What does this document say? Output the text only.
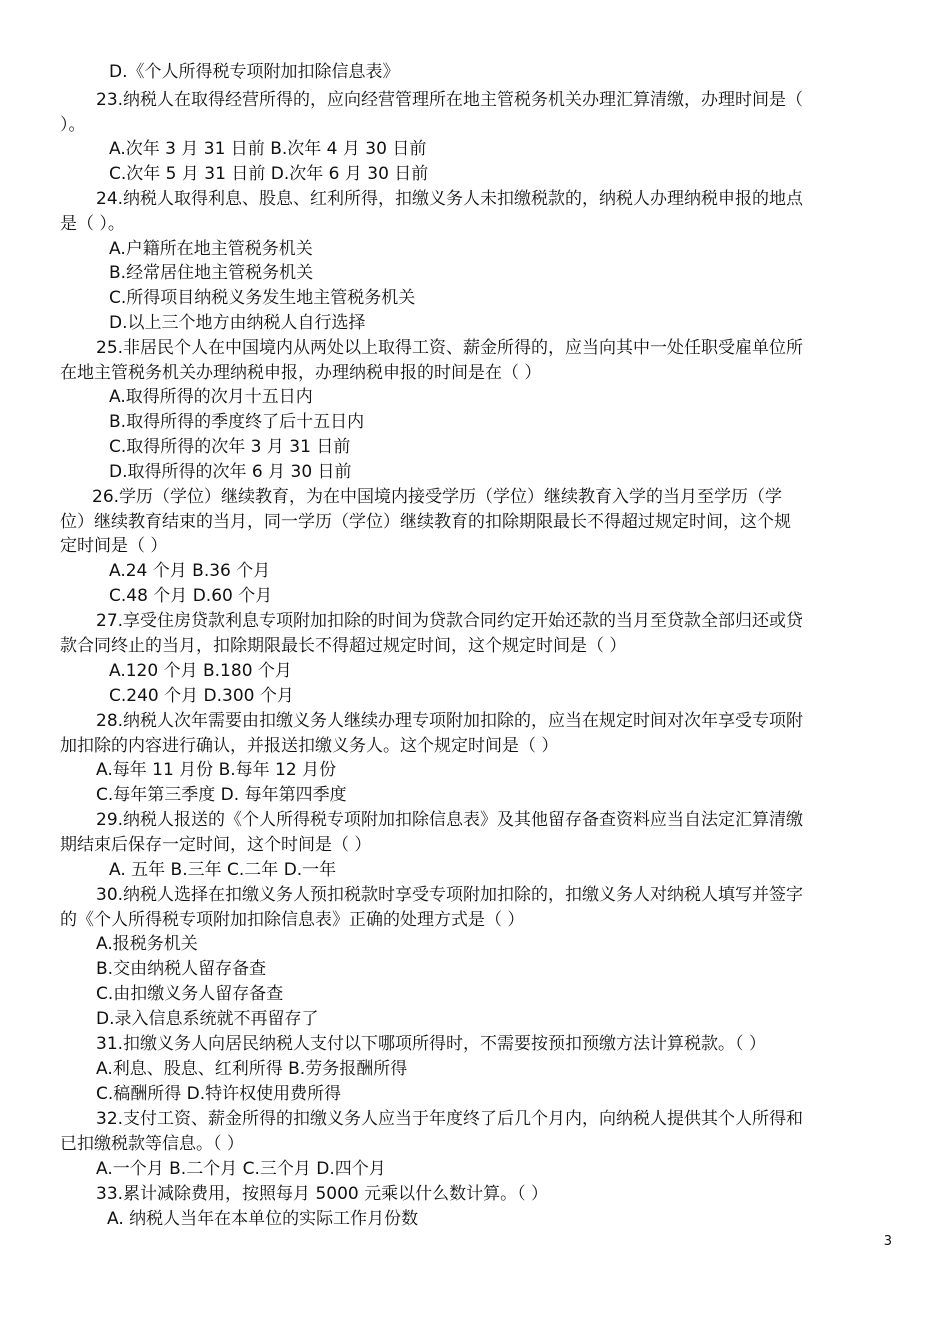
D.《个人所得税专项附加扣除信息表》
23.纳税人在取得经营所得的，应向经营管理所在地主管税务机关办理汇算清缴，办理时间是（
）。
A.次年 3 月 31 日前 B.次年 4 月 30 日前
C.次年 5 月 31 日前 D.次年 6 月 30 日前
24.纳税人取得利息、股息、红利所得，扣缴义务人未扣缴税款的，纳税人办理纳税申报的地点
是（ ）。
A.户籍所在地主管税务机关
B.经常居住地主管税务机关
C.所得项目纳税义务发生地主管税务机关
D.以上三个地方由纳税人自行选择
25.非居民个人在中国境内从两处以上取得工资、薪金所得的，应当向其中一处任职受雇单位所
在地主管税务机关办理纳税申报，办理纳税申报的时间是在（ ）
A.取得所得的次月十五日内
B.取得所得的季度终了后十五日内
C.取得所得的次年 3 月 31 日前
D.取得所得的次年 6 月 30 日前
26.学历（学位）继续教育，为在中国境内接受学历（学位）继续教育入学的当月至学历（学
位）继续教育结束的当月，同一学历（学位）继续教育的扣除期限最长不得超过规定时间，这个规
定时间是（ ）
A.24 个月 B.36 个月
C.48 个月 D.60 个月
27.享受住房贷款利息专项附加扣除的时间为贷款合同约定开始还款的当月至贷款全部归还或贷
款合同终止的当月，扣除期限最长不得超过规定时间，这个规定时间是（ ）
A.120 个月 B.180 个月
C.240 个月 D.300 个月
28.纳税人次年需要由扣缴义务人继续办理专项附加扣除的，应当在规定时间对次年享受专项附
加扣除的内容进行确认，并报送扣缴义务人。这个规定时间是（ ）
A.每年 11 月份 B.每年 12 月份
C.每年第三季度 D. 每年第四季度
29.纳税人报送的《个人所得税专项附加扣除信息表》及其他留存备查资料应当自法定汇算清缴
期结束后保存一定时间，这个时间是（ ）
A. 五年 B.三年 C.二年 D.一年
30.纳税人选择在扣缴义务人预扣税款时享受专项附加扣除的，扣缴义务人对纳税人填写并签字
的《个人所得税专项附加扣除信息表》正确的处理方式是（ ）
A.报税务机关
B.交由纳税人留存备查
C.由扣缴义务人留存备查
D.录入信息系统就不再留存了
31.扣缴义务人向居民纳税人支付以下哪项所得时，不需要按预扣预缴方法计算税款。（ ）
A.利息、股息、红利所得 B.劳务报酬所得
C.稿酬所得 D.特许权使用费所得
32.支付工资、薪金所得的扣缴义务人应当于年度终了后几个月内，向纳税人提供其个人所得和
已扣缴税款等信息。（ ）
A.一个月 B.二个月 C.三个月 D.四个月
33.累计减除费用，按照每月 5000 元乘以什么数计算。（ ）
A. 纳税人当年在本单位的实际工作月份数
3
